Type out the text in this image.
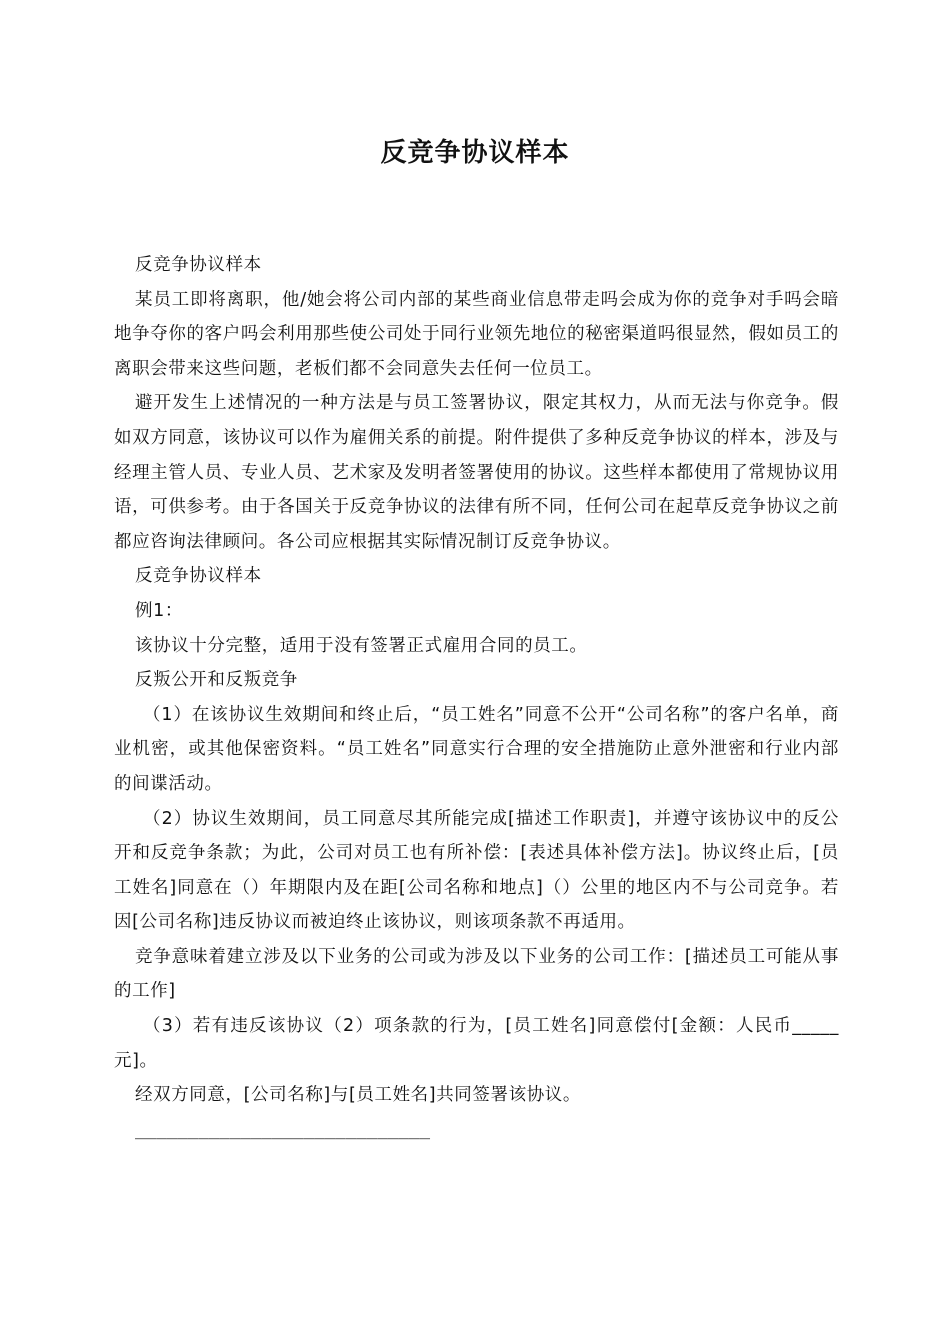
反竞争协议样本

反竞争协议样本

某员工即将离职，他/她会将公司内部的某些商业信息带走吗会成为你的竞争对手吗会暗地争夺你的客户吗会利用那些使公司处于同行业领先地位的秘密渠道吗很显然，假如员工的离职会带来这些问题，老板们都不会同意失去任何一位员工。

避开发生上述情况的一种方法是与员工签署协议，限定其权力，从而无法与你竞争。假如双方同意，该协议可以作为雇佣关系的前提。附件提供了多种反竞争协议的样本，涉及与经理主管人员、专业人员、艺术家及发明者签署使用的协议。这些样本都使用了常规协议用语，可供参考。由于各国关于反竞争协议的法律有所不同，任何公司在起草反竞争协议之前都应咨询法律顾问。各公司应根据其实际情况制订反竞争协议。

反竞争协议样本

例1：

该协议十分完整，适用于没有签署正式雇用合同的员工。

反叛公开和反叛竞争

（1）在该协议生效期间和终止后，“员工姓名”同意不公开“公司名称”的客户名单，商业机密，或其他保密资料。“员工姓名”同意实行合理的安全措施防止意外泄密和行业内部的间谍活动。

（2）协议生效期间，员工同意尽其所能完成[描述工作职责]，并遵守该协议中的反公开和反竞争条款；为此，公司对员工也有所补偿：[表述具体补偿方法]。协议终止后，[员工姓名]同意在（）年期限内及在距[公司名称和地点]（）公里的地区内不与公司竞争。若因[公司名称]违反协议而被迫终止该协议，则该项条款不再适用。

竞争意味着建立涉及以下业务的公司或为涉及以下业务的公司工作：[描述员工可能从事的工作]

（3）若有违反该协议（2）项条款的行为，[员工姓名]同意偿付[金额：人民币_____元]。

经双方同意，[公司名称]与[员工姓名]共同签署该协议。

____________________________
